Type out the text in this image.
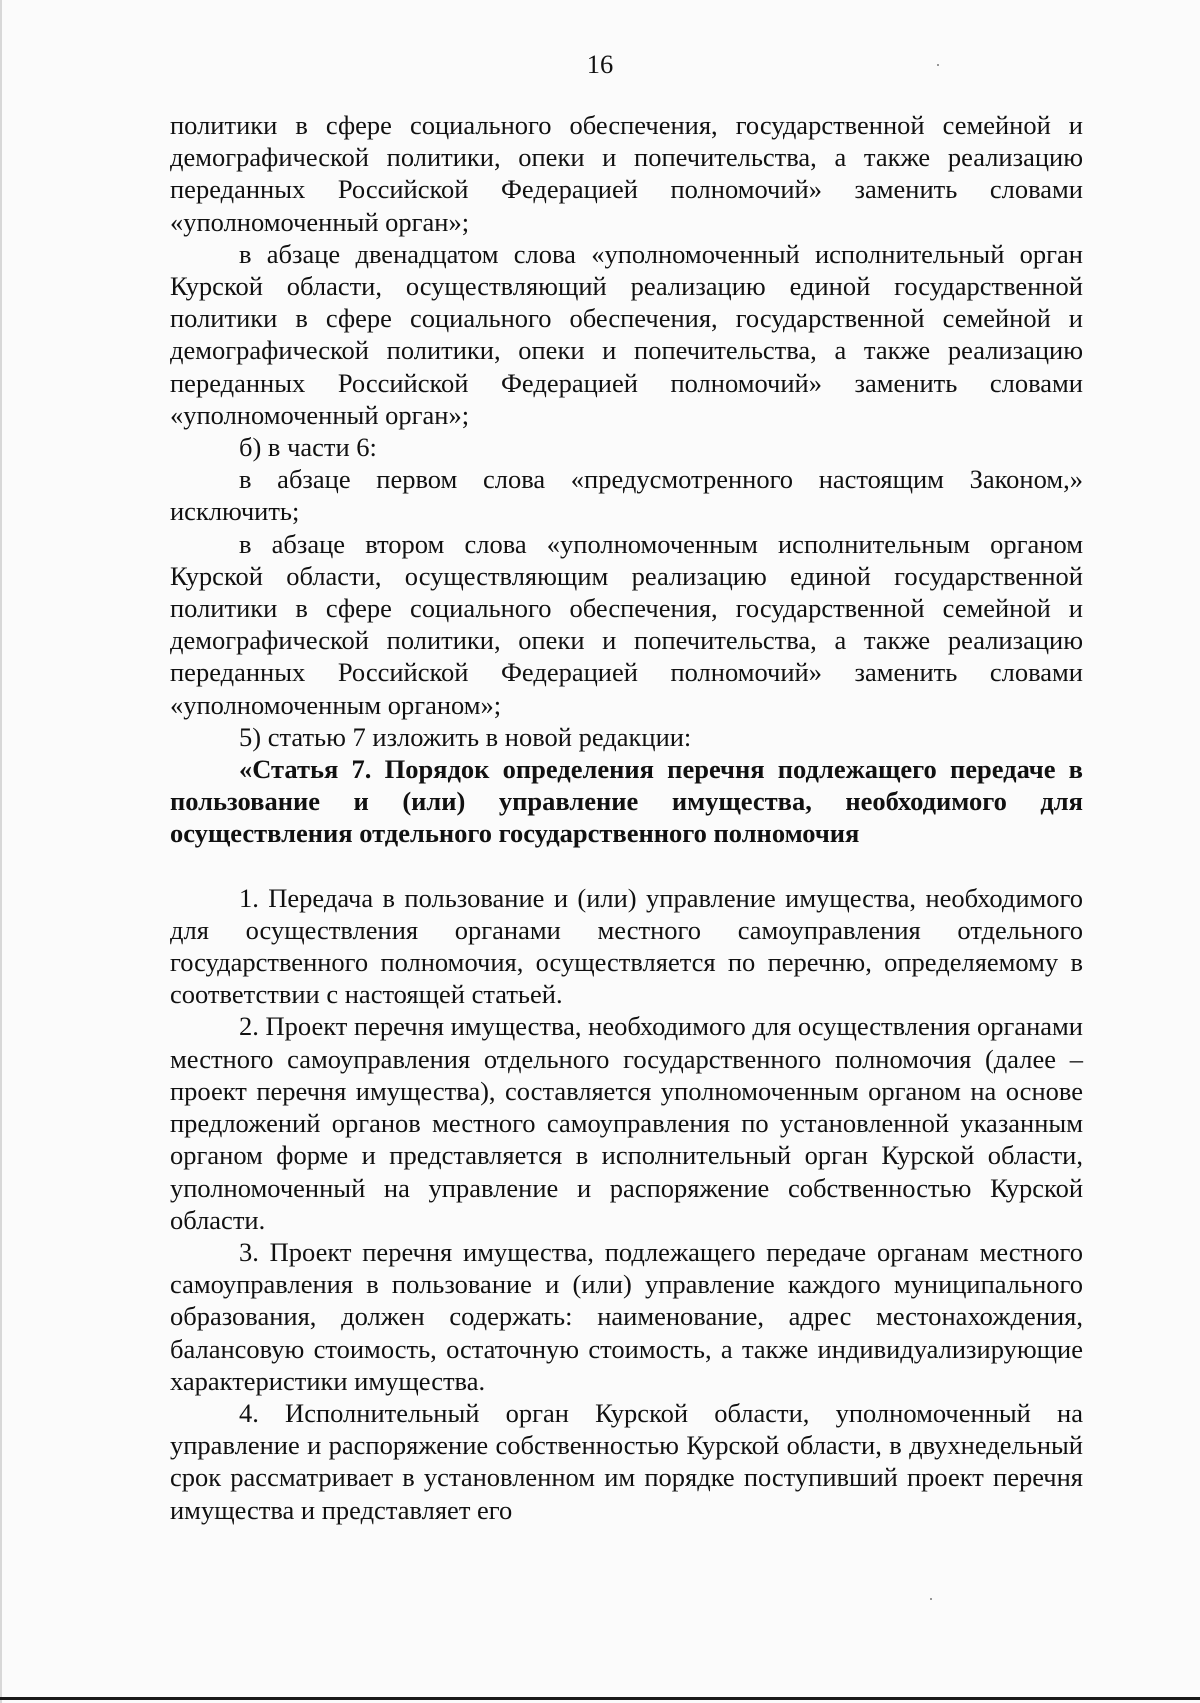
16

политики в сфере социального обеспечения, государственной семейной и демографической политики, опеки и попечительства, а также реализацию переданных Российской Федерацией полномочий» заменить словами «уполномоченный орган»;

в абзаце двенадцатом слова «уполномоченный исполнительный орган Курской области, осуществляющий реализацию единой государственной политики в сфере социального обеспечения, государственной семейной и демографической политики, опеки и попечительства, а также реализацию переданных Российской Федерацией полномочий» заменить словами «уполномоченный орган»;

б) в части 6:

в абзаце первом слова «предусмотренного настоящим Законом,» исключить;

в абзаце втором слова «уполномоченным исполнительным органом Курской области, осуществляющим реализацию единой государственной политики в сфере социального обеспечения, государственной семейной и демографической политики, опеки и попечительства, а также реализацию переданных Российской Федерацией полномочий» заменить словами «уполномоченным органом»;

5) статью 7 изложить в новой редакции:

«Статья 7. Порядок определения перечня подлежащего передаче в пользование и (или) управление имущества, необходимого для осуществления отдельного государственного полномочия

1. Передача в пользование и (или) управление имущества, необходимого для осуществления органами местного самоуправления отдельного государственного полномочия, осуществляется по перечню, определяемому в соответствии с настоящей статьей.

2. Проект перечня имущества, необходимого для осуществления органами местного самоуправления отдельного государственного полномочия (далее – проект перечня имущества), составляется уполномоченным органом на основе предложений органов местного самоуправления по установленной указанным органом форме и представляется в исполнительный орган Курской области, уполномоченный на управление и распоряжение собственностью Курской области.

3. Проект перечня имущества, подлежащего передаче органам местного самоуправления в пользование и (или) управление каждого муниципального образования, должен содержать: наименование, адрес местонахождения, балансовую стоимость, остаточную стоимость, а также индивидуализирующие характеристики имущества.

4. Исполнительный орган Курской области, уполномоченный на управление и распоряжение собственностью Курской области, в двухнедельный срок рассматривает в установленном им порядке поступивший проект перечня имущества и представляет его
